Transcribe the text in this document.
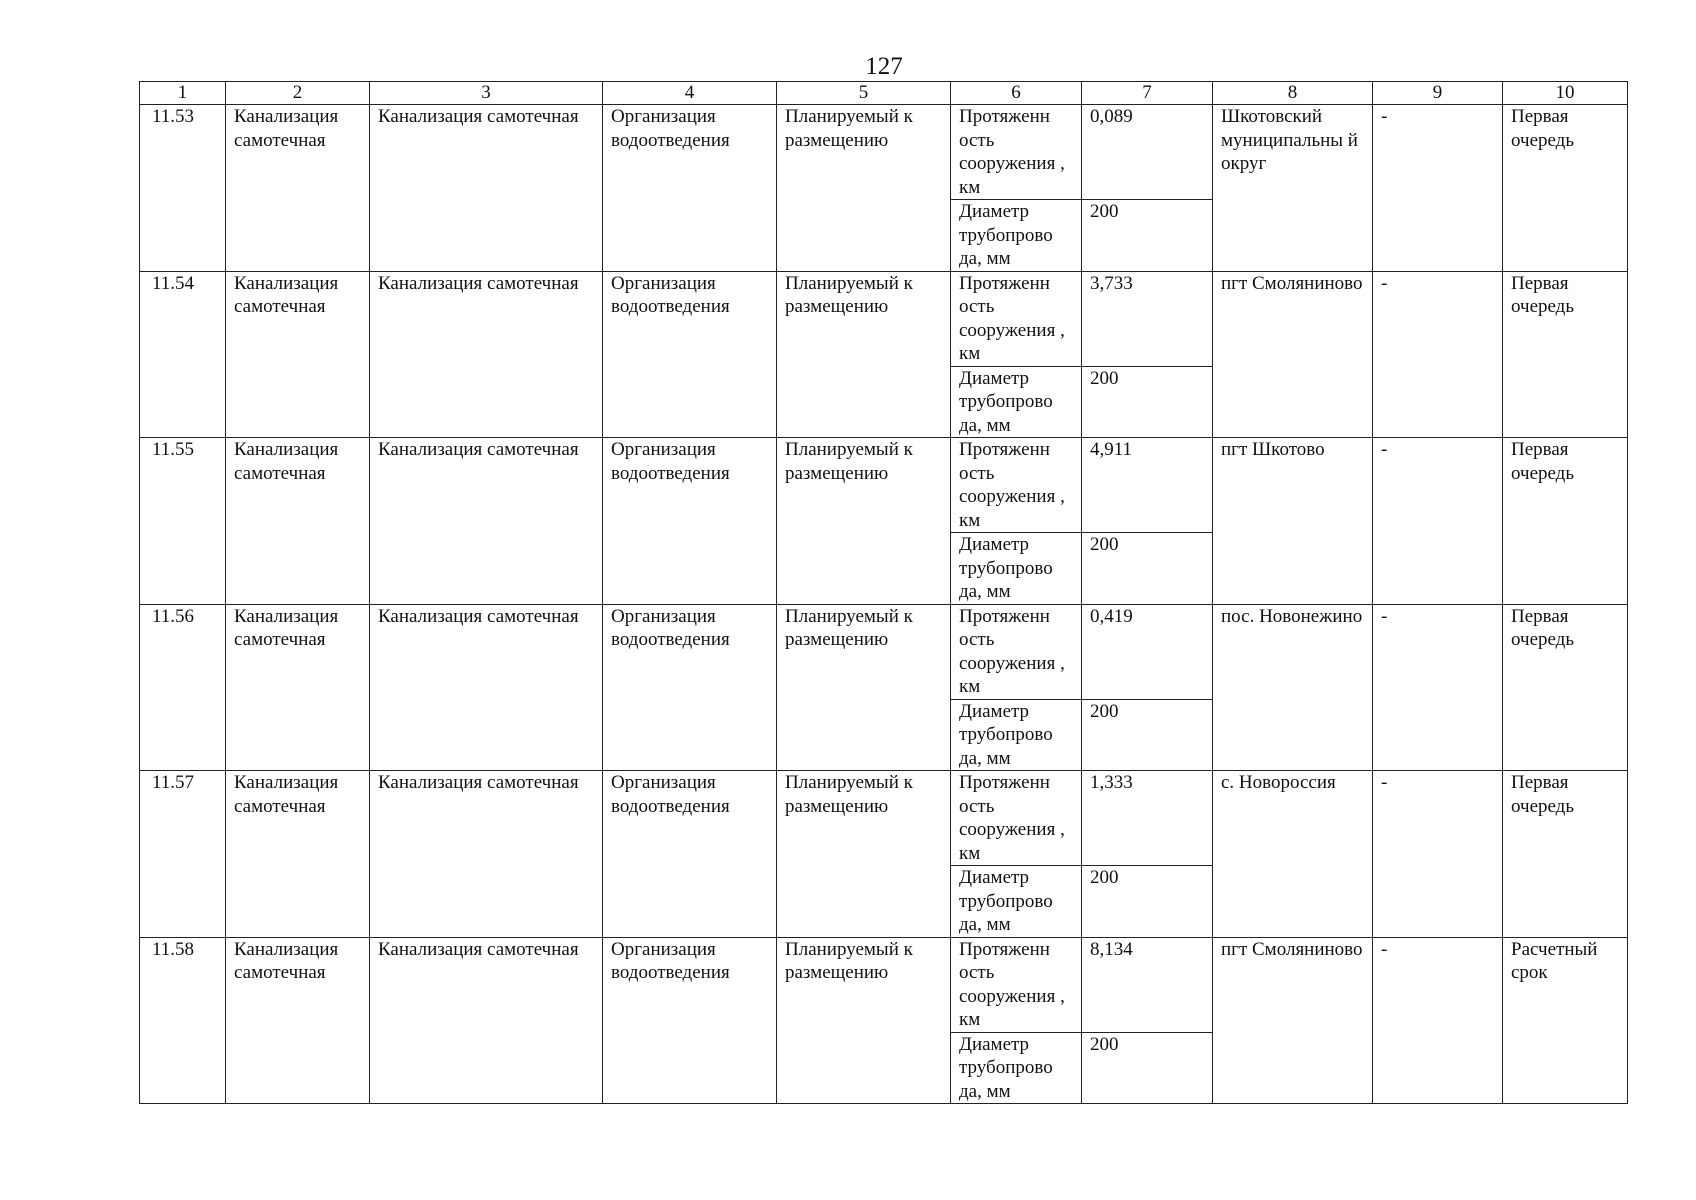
127
1	2	3	4	5	6	7	8	9	10
11.53	Канализация самотечная	Канализация самотечная	Организация водоотведения	Планируемый к размещению	Протяженн ость сооружения , км	0,089	Шкотовский муниципальны й округ	-	Первая очередь
					Диаметр трубопрово да, мм	200			
11.54	Канализация самотечная	Канализация самотечная	Организация водоотведения	Планируемый к размещению	Протяженн ость сооружения , км	3,733	пгт Смоляниново	-	Первая очередь
					Диаметр трубопрово да, мм	200			
11.55	Канализация самотечная	Канализация самотечная	Организация водоотведения	Планируемый к размещению	Протяженн ость сооружения , км	4,911	пгт Шкотово	-	Первая очередь
					Диаметр трубопрово да, мм	200			
11.56	Канализация самотечная	Канализация самотечная	Организация водоотведения	Планируемый к размещению	Протяженн ость сооружения , км	0,419	пос. Новонежино	-	Первая очередь
					Диаметр трубопрово да, мм	200			
11.57	Канализация самотечная	Канализация самотечная	Организация водоотведения	Планируемый к размещению	Протяженн ость сооружения , км	1,333	с. Новороссия	-	Первая очередь
					Диаметр трубопрово да, мм	200			
11.58	Канализация самотечная	Канализация самотечная	Организация водоотведения	Планируемый к размещению	Протяженн ость сооружения , км	8,134	пгт Смоляниново	-	Расчетный срок
					Диаметр трубопрово да, мм	200			
